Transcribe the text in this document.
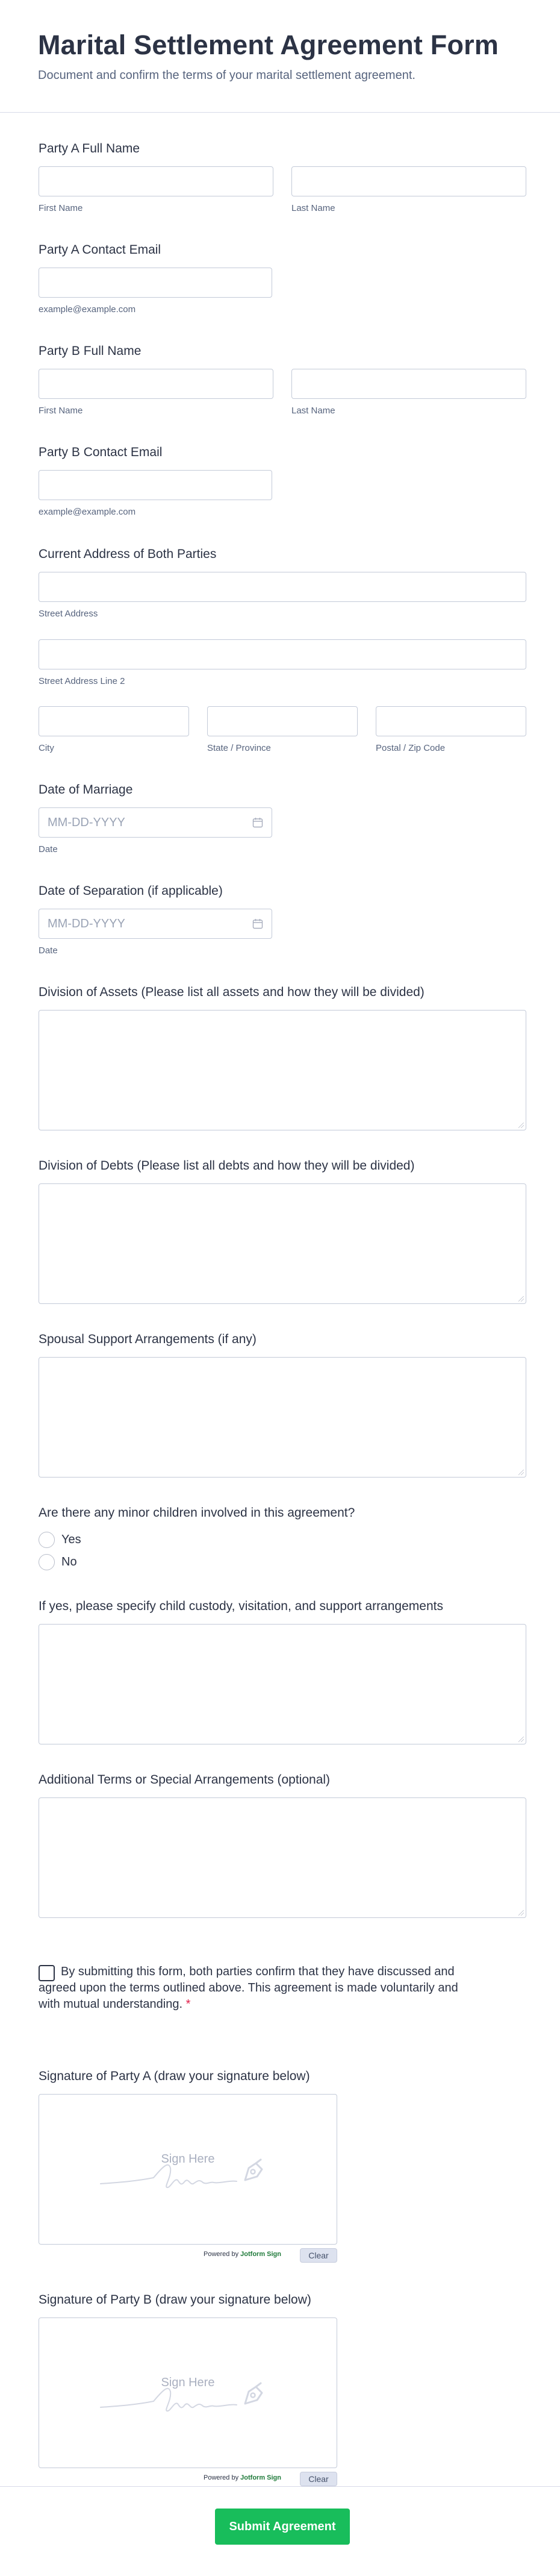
Marital Settlement Agreement Form
Document and confirm the terms of your marital settlement agreement.
Party A Full Name
First Name	Last Name
Party A Contact Email
example@example.com
Party B Full Name
First Name	Last Name
Party B Contact Email
example@example.com
Current Address of Both Parties
Street Address
Street Address Line 2
City	State / Province	Postal / Zip Code
Date of Marriage
MM-DD-YYYY
Date
Date of Separation (if applicable)
MM-DD-YYYY
Date
Division of Assets (Please list all assets and how they will be divided)
Division of Debts (Please list all debts and how they will be divided)
Spousal Support Arrangements (if any)
Are there any minor children involved in this agreement?
Yes
No
If yes, please specify child custody, visitation, and support arrangements
Additional Terms or Special Arrangements (optional)
By submitting this form, both parties confirm that they have discussed and agreed upon the terms outlined above. This agreement is made voluntarily and with mutual understanding. *
Signature of Party A (draw your signature below)
Sign Here
Powered by Jotform Sign	Clear
Signature of Party B (draw your signature below)
Sign Here
Powered by Jotform Sign	Clear
Submit Agreement
